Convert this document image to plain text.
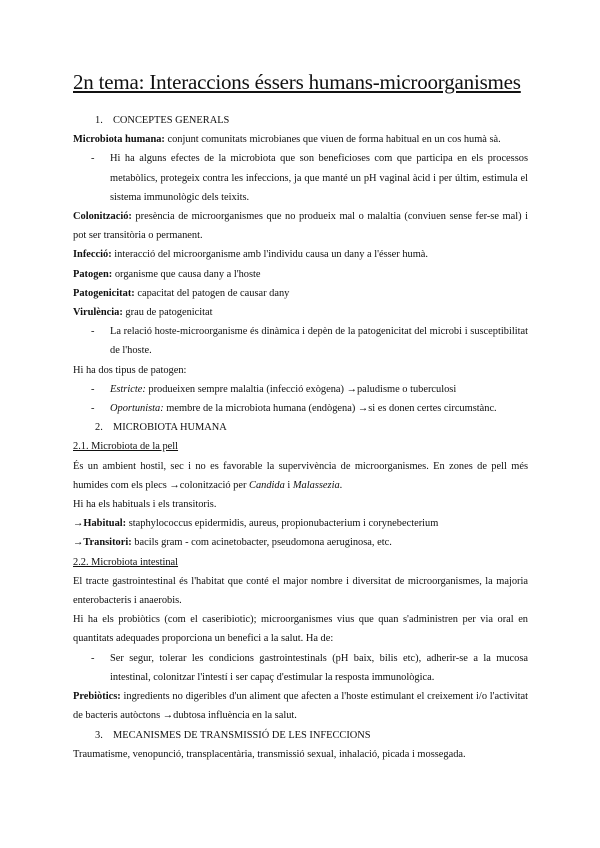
2n tema: Interaccions éssers humans-microorganismes
1. CONCEPTES GENERALS

Microbiota humana: conjunt comunitats microbianes que viuen de forma habitual en un cos humà sà.

-	Hi ha alguns efectes de la microbiota que son beneficioses com que participa en els processos metabòlics, protegeix contra les infeccions, ja que manté un pH vaginal àcid i per últim, estimula el sistema immunològic dels teixits.

Colonització: presència de microorganismes que no produeix mal o malaltia (conviuen sense fer-se mal) i pot ser transitòria o permanent.

Infecció: interacció del microorganisme amb l'individu causa un dany a l'ésser humà.

Patogen: organisme que causa dany a l'hoste

Patogenicitat: capacitat del patogen de causar dany

Virulència: grau de patogenicitat

-	La relació hoste-microorganisme és dinàmica i depèn de la patogenicitat del microbi i susceptibilitat de l'hoste.

Hi ha dos tipus de patogen:

-	Estricte: produeixen sempre malaltia (infecció exògena) →paludisme o tuberculosi
-	Oportunista: membre de la microbiota humana (endògena) →si es donen certes circumstànc.
2. MICROBIOTA HUMANA
2.1. Microbiota de la pell

És un ambient hostil, sec i no es favorable la supervivència de microorganismes. En zones de pell més humides com els plecs →colonització per Candida i Malassezia.

Hi ha els habituals i els transitoris.

→Habitual: staphylococcus epidermidis, aureus, propionubacterium i corynebecterium

→Transitori: bacils gram - com acinetobacter, pseudomona aeruginosa, etc.

2.2. Microbiota intestinal

El tracte gastrointestinal és l'habitat que conté el major nombre i diversitat de microorganismes, la majoria enterobacteris i anaerobis.

Hi ha els probiòtics (com el caseribiotic); microorganismes vius que quan s'administren per via oral en quantitats adequades proporciona un benefici a la salut. Ha de:

-	Ser segur, tolerar les condicions gastrointestinals (pH baix, bilis etc), adherir-se a la mucosa intestinal, colonitzar l'intestí i ser capaç d'estimular la resposta immunològica.

Prebiòtics: ingredients no digeribles d'un aliment que afecten a l'hoste estimulant el creixement i/o l'activitat de bacteris autòctons →dubtosa influència en la salut.

3. MECANISMES DE TRANSMISSIÓ DE LES INFECCIONS

Traumatisme, venopunció, transplacentària, transmissió sexual, inhalació, picada i mossegada.
